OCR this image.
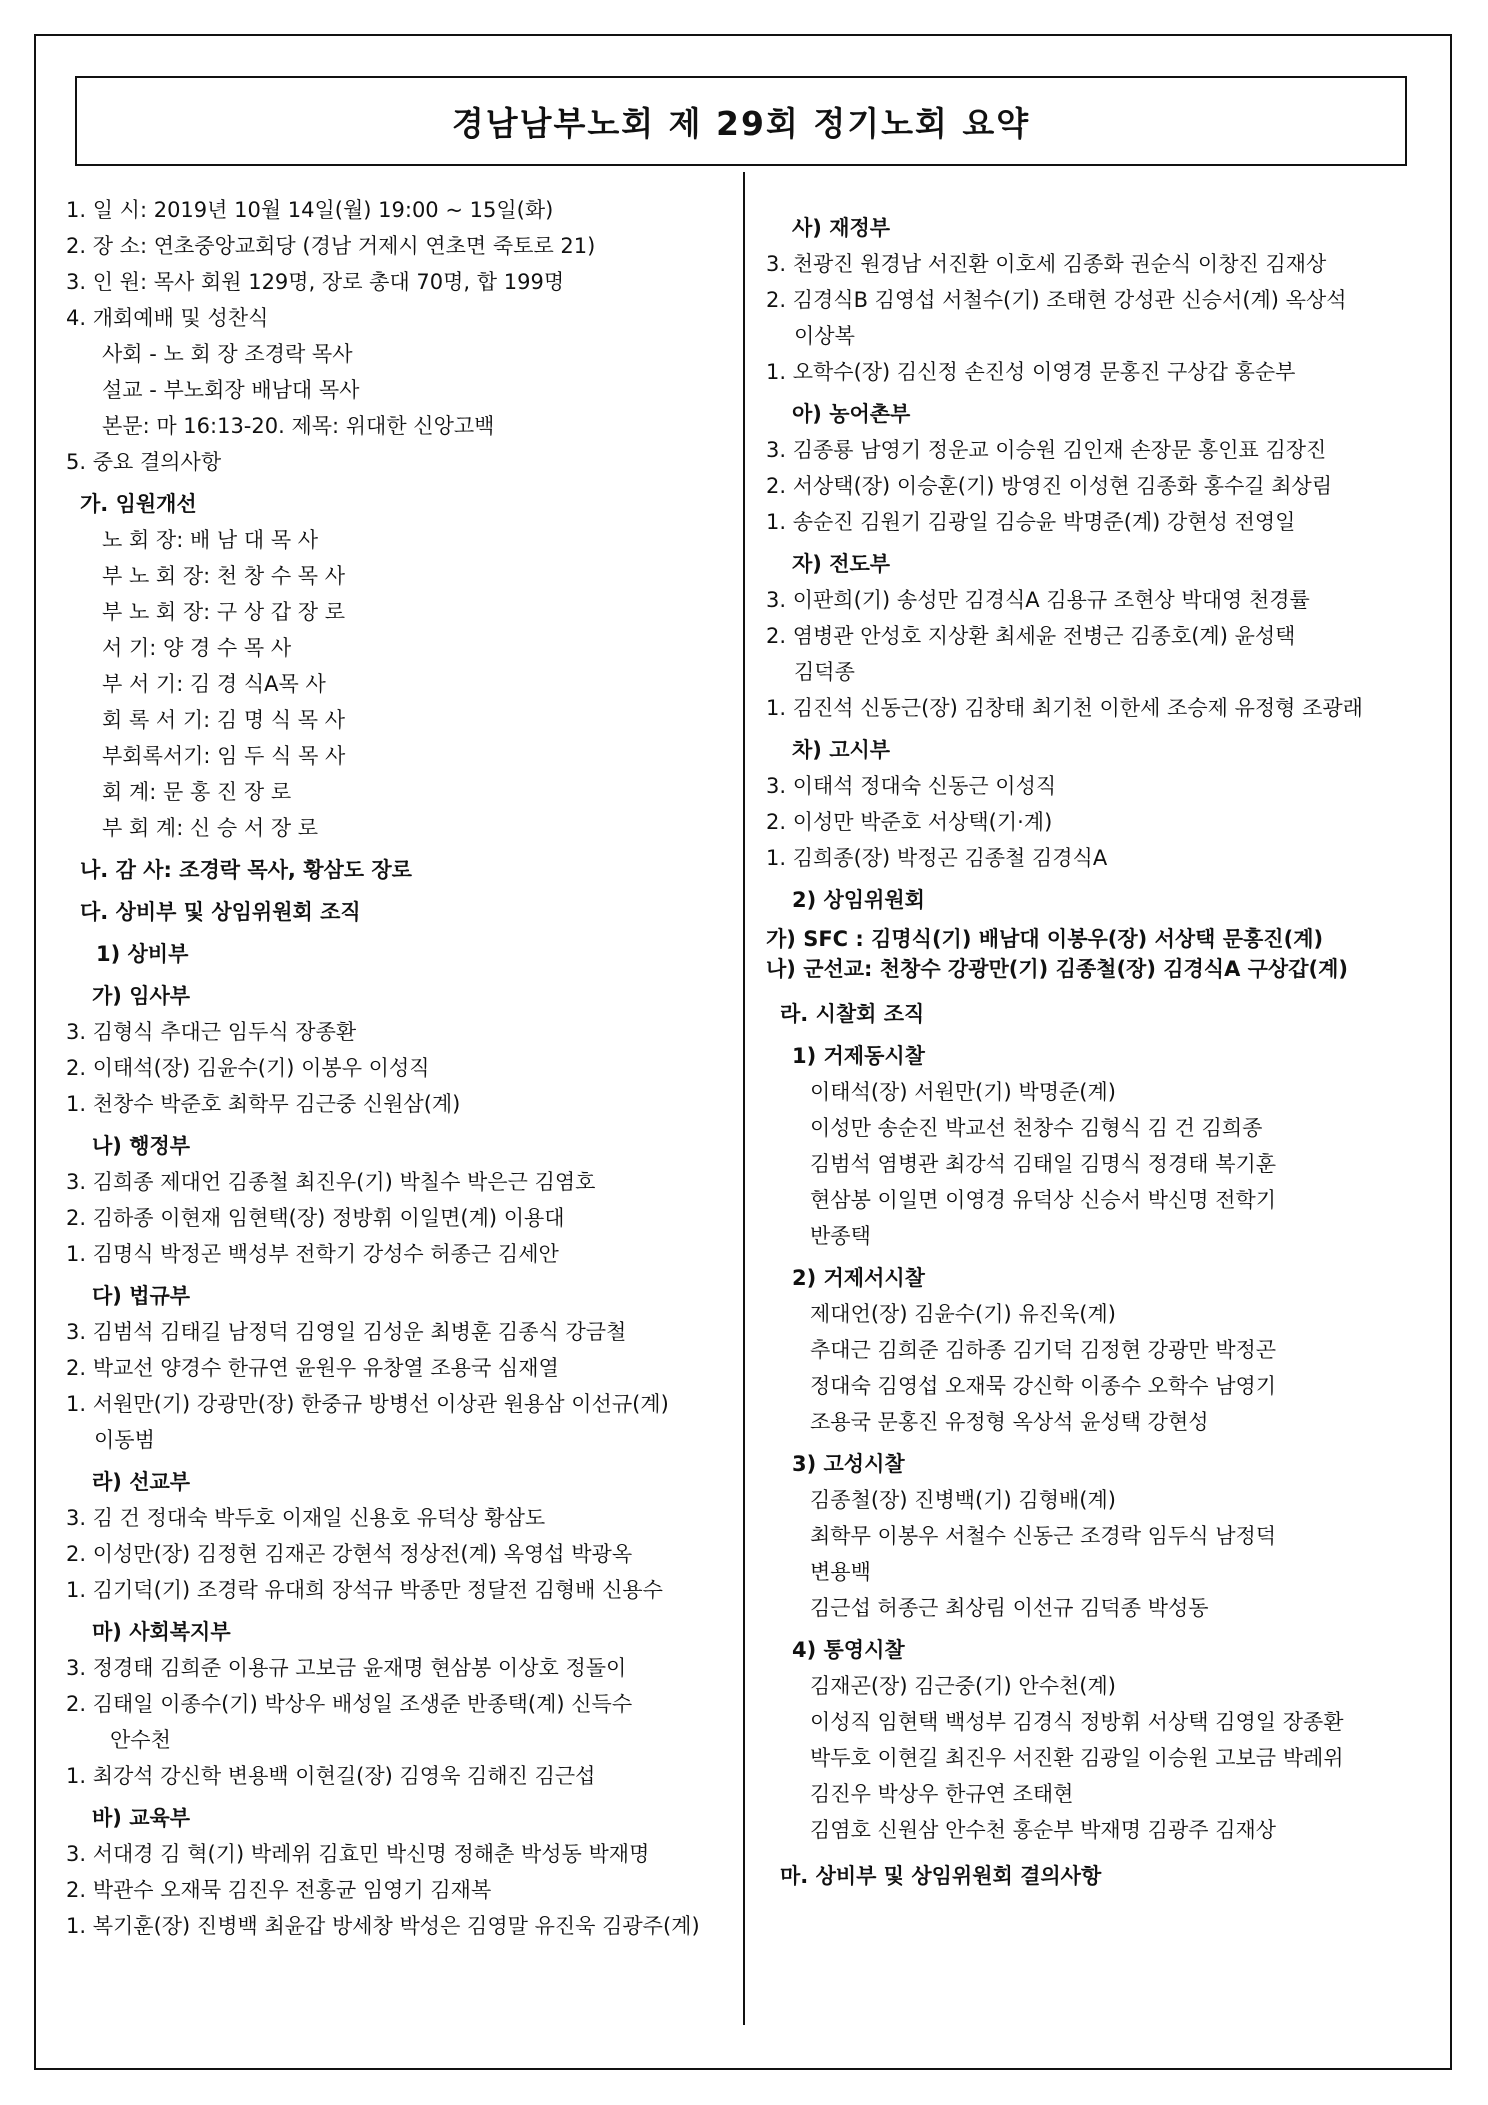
경남남부노회 제 29회 정기노회 요약
1. 일 시: 2019년 10월 14일(월) 19:00 ~ 15일(화)
2. 장 소: 연초중앙교회당 (경남 거제시 연초면 죽토로 21)
3. 인 원: 목사 회원 129명, 장로 총대 70명, 합 199명
4. 개회예배 및 성찬식
사회 - 노 회 장 조경락 목사
설교 - 부노회장 배남대 목사
본문: 마 16:13-20. 제목: 위대한 신앙고백
5. 중요 결의사항
가. 임원개선
노 회 장: 배 남 대 목 사
부 노 회 장: 천 창 수 목 사
부 노 회 장: 구 상 갑 장 로
서 기: 양 경 수 목 사
부 서 기: 김 경 식A목 사
회 록 서 기: 김 명 식 목 사
부회록서기: 임 두 식 목 사
회 계: 문 홍 진 장 로
부 회 계: 신 승 서 장 로
나. 감 사: 조경락 목사, 황삼도 장로
다. 상비부 및 상임위원회 조직
1) 상비부
가) 임사부
3. 김형식 추대근 임두식 장종환
2. 이태석(장) 김윤수(기) 이봉우 이성직
1. 천창수 박준호 최학무 김근중 신원삼(계)
나) 행정부
3. 김희종 제대언 김종철 최진우(기) 박칠수 박은근 김염호
2. 김하종 이현재 임현택(장) 정방휘 이일면(계) 이용대
1. 김명식 박정곤 백성부 전학기 강성수 허종근 김세안
다) 법규부
3. 김범석 김태길 남정덕 김영일 김성운 최병훈 김종식 강금철
2. 박교선 양경수 한규연 윤원우 유창열 조용국 심재열
1. 서원만(기) 강광만(장) 한중규 방병선 이상관 원용삼 이선규(계)
이동범
라) 선교부
3. 김 건 정대숙 박두호 이재일 신용호 유덕상 황삼도
2. 이성만(장) 김정현 김재곤 강현석 정상전(계) 옥영섭 박광옥
1. 김기덕(기) 조경락 유대희 장석규 박종만 정달전 김형배 신용수
마) 사회복지부
3. 정경태 김희준 이용규 고보금 윤재명 현삼봉 이상호 정돌이
2. 김태일 이종수(기) 박상우 배성일 조생준 반종택(계) 신득수
안수천
1. 최강석 강신학 변용백 이현길(장) 김영욱 김해진 김근섭
바) 교육부
3. 서대경 김 혁(기) 박레위 김효민 박신명 정해춘 박성동 박재명
2. 박관수 오재묵 김진우 전홍균 임영기 김재복
1. 복기훈(장) 진병백 최윤갑 방세창 박성은 김영말 유진욱 김광주(계)
사) 재정부
3. 천광진 원경남 서진환 이호세 김종화 권순식 이창진 김재상
2. 김경식B 김영섭 서철수(기) 조태현 강성관 신승서(계) 옥상석
이상복
1. 오학수(장) 김신정 손진성 이영경 문홍진 구상갑 홍순부
아) 농어촌부
3. 김종룡 남영기 정운교 이승원 김인재 손장문 홍인표 김장진
2. 서상택(장) 이승훈(기) 방영진 이성현 김종화 홍수길 최상림
1. 송순진 김원기 김광일 김승윤 박명준(계) 강현성 전영일
자) 전도부
3. 이판희(기) 송성만 김경식A 김용규 조현상 박대영 천경률
2. 염병관 안성호 지상환 최세윤 전병근 김종호(계) 윤성택
김덕종
1. 김진석 신동근(장) 김창태 최기천 이한세 조승제 유정형 조광래
차) 고시부
3. 이태석 정대숙 신동근 이성직
2. 이성만 박준호 서상택(기·계)
1. 김희종(장) 박정곤 김종철 김경식A
2) 상임위원회
가) SFC : 김명식(기) 배남대 이봉우(장) 서상택 문홍진(계)
나) 군선교: 천창수 강광만(기) 김종철(장) 김경식A 구상갑(계)
라. 시찰회 조직
1) 거제동시찰
이태석(장) 서원만(기) 박명준(계)
이성만 송순진 박교선 천창수 김형식 김 건 김희종
김범석 염병관 최강석 김태일 김명식 정경태 복기훈
현삼봉 이일면 이영경 유덕상 신승서 박신명 전학기
반종택
2) 거제서시찰
제대언(장) 김윤수(기) 유진욱(계)
추대근 김희준 김하종 김기덕 김정현 강광만 박정곤
정대숙 김영섭 오재묵 강신학 이종수 오학수 남영기
조용국 문홍진 유정형 옥상석 윤성택 강현성
3) 고성시찰
김종철(장) 진병백(기) 김형배(계)
최학무 이봉우 서철수 신동근 조경락 임두식 남정덕
변용백
김근섭 허종근 최상림 이선규 김덕종 박성동
4) 통영시찰
김재곤(장) 김근중(기) 안수천(계)
이성직 임현택 백성부 김경식 정방휘 서상택 김영일 장종환
박두호 이현길 최진우 서진환 김광일 이승원 고보금 박레위
김진우 박상우 한규연 조태현
김염호 신원삼 안수천 홍순부 박재명 김광주 김재상
마. 상비부 및 상임위원회 결의사항
